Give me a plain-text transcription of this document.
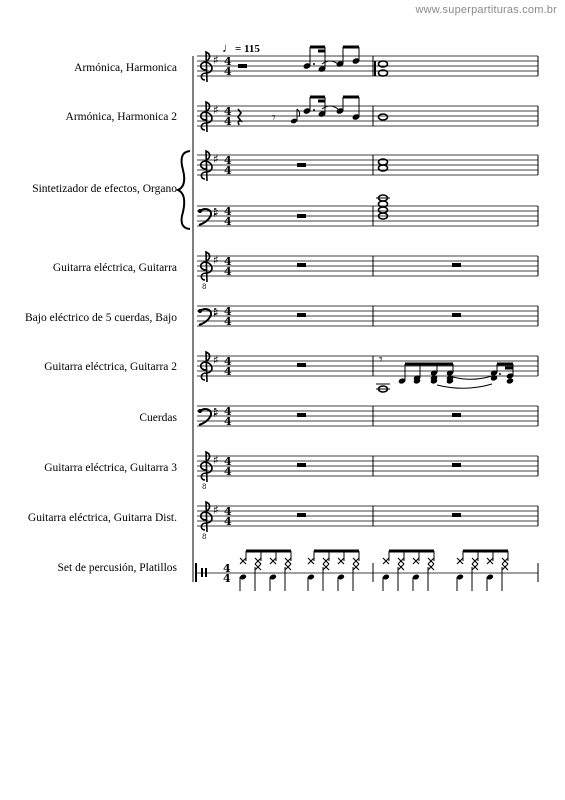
www.superpartituras.com.br
♩= 115
Armónica, Harmonica
Armónica, Harmonica 2
Sintetizador de efectos, Organo
Guitarra eléctrica, Guitarra
Bajo eléctrico de 5 cuerdas, Bajo
Guitarra eléctrica, Guitarra 2
Cuerdas
Guitarra eléctrica, Guitarra 3
Guitarra eléctrica, Guitarra Dist.
Set de percusión, Platillos
♯ 4
4
♯ 4
4
♯ 4
4
♯ 4
4
8
♯ 4
4
♯ 4
4
♯ 4
4
♯ 4
4
8
♯ 4
4
8
♯ 4
4
4
4
𝄾
𝄾
